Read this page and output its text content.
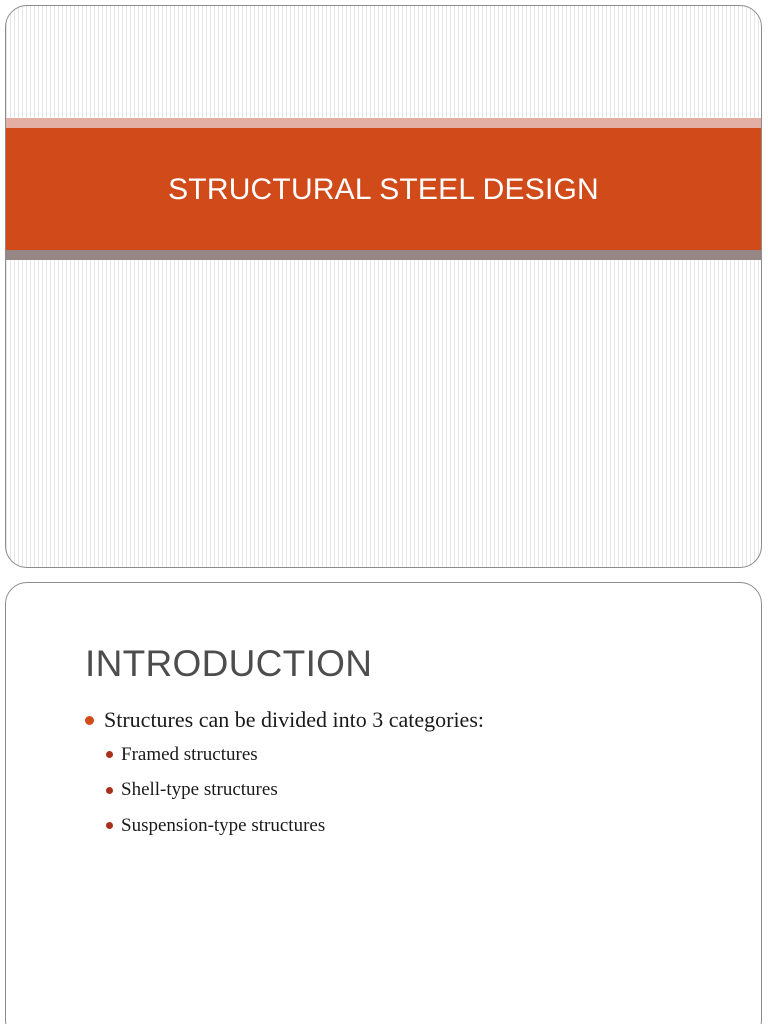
STRUCTURAL STEEL DESIGN
INTRODUCTION
Structures can be divided into 3 categories:
Framed structures
Shell-type structures
Suspension-type structures
